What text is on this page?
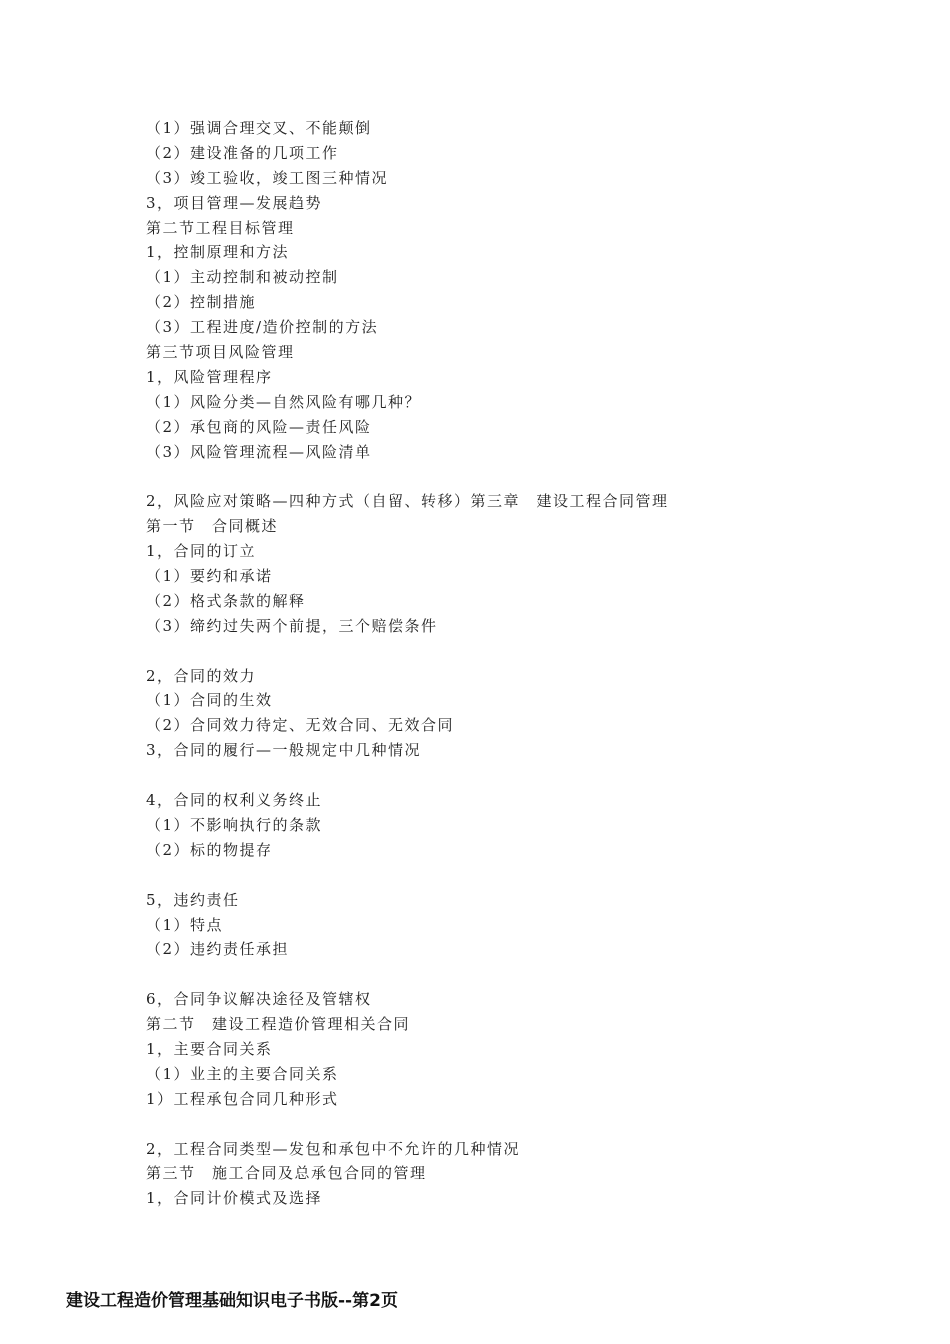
（1）强调合理交叉、不能颠倒
（2）建设准备的几项工作
（3）竣工验收，竣工图三种情况
3，项目管理—发展趋势
第二节工程目标管理
1，控制原理和方法
（1）主动控制和被动控制
（2）控制措施
（3）工程进度/造价控制的方法
第三节项目风险管理
1，风险管理程序
（1）风险分类—自然风险有哪几种？
（2）承包商的风险—责任风险
（3）风险管理流程—风险清单
2，风险应对策略—四种方式（自留、转移）第三章　建设工程合同管理
第一节　合同概述
1，合同的订立
（1）要约和承诺
（2）格式条款的解释
（3）缔约过失两个前提，三个赔偿条件
2，合同的效力
（1）合同的生效
（2）合同效力待定、无效合同、无效合同
3，合同的履行—一般规定中几种情况
4，合同的权利义务终止
（1）不影响执行的条款
（2）标的物提存
5，违约责任
（1）特点
（2）违约责任承担
6，合同争议解决途径及管辖权
第二节　建设工程造价管理相关合同
1，主要合同关系
（1）业主的主要合同关系
1）工程承包合同几种形式
2，工程合同类型—发包和承包中不允许的几种情况
第三节　施工合同及总承包合同的管理
1，合同计价模式及选择
建设工程造价管理基础知识电子书版--第2页
